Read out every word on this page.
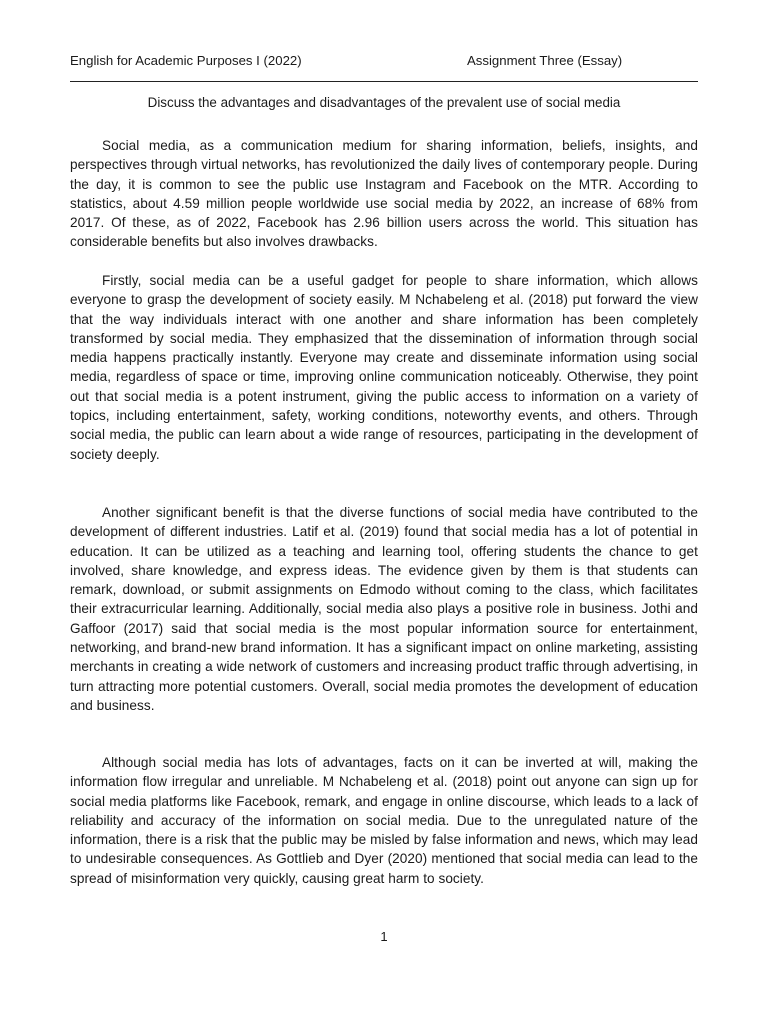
English for Academic Purposes I (2022)	Assignment Three (Essay)
Discuss the advantages and disadvantages of the prevalent use of social media

Social media, as a communication medium for sharing information, beliefs, insights, and perspectives through virtual networks, has revolutionized the daily lives of contemporary people. During the day, it is common to see the public use Instagram and Facebook on the MTR. According to statistics, about 4.59 million people worldwide use social media by 2022, an increase of 68% from 2017. Of these, as of 2022, Facebook has 2.96 billion users across the world. This situation has considerable benefits but also involves drawbacks.

Firstly, social media can be a useful gadget for people to share information, which allows everyone to grasp the development of society easily. M Nchabeleng et al. (2018) put forward the view that the way individuals interact with one another and share information has been completely transformed by social media. They emphasized that the dissemination of information through social media happens practically instantly. Everyone may create and disseminate information using social media, regardless of space or time, improving online communication noticeably. Otherwise, they point out that social media is a potent instrument, giving the public access to information on a variety of topics, including entertainment, safety, working conditions, noteworthy events, and others. Through social media, the public can learn about a wide range of resources, participating in the development of society deeply.

Another significant benefit is that the diverse functions of social media have contributed to the development of different industries. Latif et al. (2019) found that social media has a lot of potential in education. It can be utilized as a teaching and learning tool, offering students the chance to get involved, share knowledge, and express ideas. The evidence given by them is that students can remark, download, or submit assignments on Edmodo without coming to the class, which facilitates their extracurricular learning. Additionally, social media also plays a positive role in business. Jothi and Gaffoor (2017) said that social media is the most popular information source for entertainment, networking, and brand-new brand information. It has a significant impact on online marketing, assisting merchants in creating a wide network of customers and increasing product traffic through advertising, in turn attracting more potential customers. Overall, social media promotes the development of education and business.

Although social media has lots of advantages, facts on it can be inverted at will, making the information flow irregular and unreliable. M Nchabeleng et al. (2018) point out anyone can sign up for social media platforms like Facebook, remark, and engage in online discourse, which leads to a lack of reliability and accuracy of the information on social media. Due to the unregulated nature of the information, there is a risk that the public may be misled by false information and news, which may lead to undesirable consequences. As Gottlieb and Dyer (2020) mentioned that social media can lead to the spread of misinformation very quickly, causing great harm to society.

1
